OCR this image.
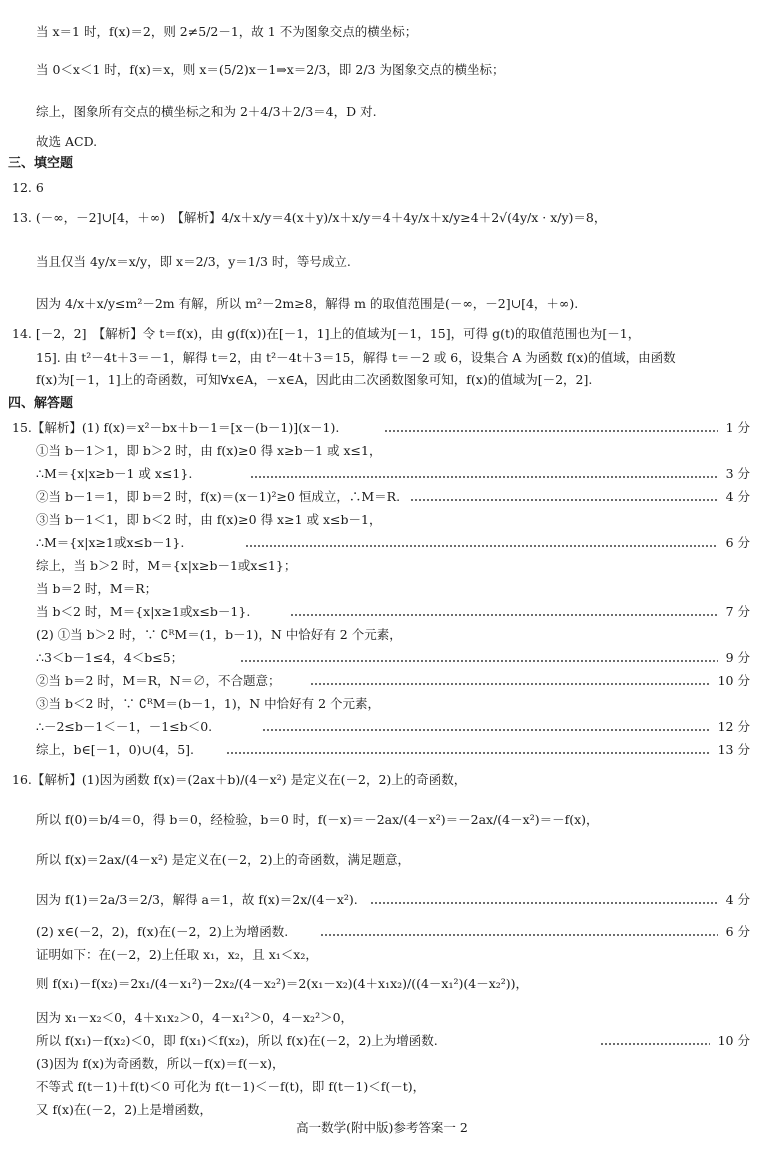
当 x＝1 时，f(x)＝2，则 2≠5/2－1，故 1 不为图象交点的横坐标；
当 0＜x＜1 时，f(x)＝x，则 x＝(5/2)x－1⇒x＝2/3，即 2/3 为图象交点的横坐标；
综上，图象所有交点的横坐标之和为 2＋4/3＋2/3＝4，D 对.
故选 ACD.
三、填空题
12. 6
13. (－∞，－2]∪[4，＋∞)　【解析】4/x＋x/y＝4(x＋y)/x＋x/y＝4＋4y/x＋x/y≥4＋2√(4y/x · x/y)＝8，
当且仅当 4y/x＝x/y，即 x＝2/3，y＝1/3 时，等号成立.
因为 4/x＋x/y≤m²－2m 有解，所以 m²－2m≥8，解得 m 的取值范围是(－∞，－2]∪[4，＋∞).
14. [－2，2]　【解析】令 t＝f(x)，由 g(f(x))在[－1，1]上的值域为[－1，15]，可得 g(t)的取值范围也为[－1，
15]. 由 t²－4t＋3＝－1，解得 t＝2，由 t²－4t＋3＝15，解得 t＝－2 或 6，设集合 A 为函数 f(x)的值域，由函数
f(x)为[－1，1]上的奇函数，可知∀x∈A，－x∈A，因此由二次函数图象可知，f(x)的值域为[－2，2].
四、解答题
15.【解析】(1) f(x)＝x²－bx＋b－1＝[x－(b－1)](x－1).	1 分
①当 b－1＞1，即 b＞2 时，由 f(x)≥0 得 x≥b－1 或 x≤1，
∴M＝{x|x≥b－1 或 x≤1}.	3 分
②当 b－1＝1，即 b＝2 时，f(x)＝(x－1)²≥0 恒成立，∴M＝R.	4 分
③当 b－1＜1，即 b＜2 时，由 f(x)≥0 得 x≥1 或 x≤b－1，
∴M＝{x|x≥1或x≤b－1}.	6 分
综上，当 b＞2 时，M＝{x|x≥b－1或x≤1}；
当 b＝2 时，M＝R；
当 b＜2 时，M＝{x|x≥1或x≤b－1}.	7 分
(2) ①当 b＞2 时，∵ ∁ᴿM＝(1，b－1)，N 中恰好有 2 个元素，
∴3＜b－1≤4，4＜b≤5；	9 分
②当 b＝2 时，M＝R，N＝∅，不合题意；	10 分
③当 b＜2 时，∵ ∁ᴿM＝(b－1，1)，N 中恰好有 2 个元素，
∴－2≤b－1＜－1，－1≤b＜0.	12 分
综上，b∈[－1，0)∪(4，5].	13 分
16.【解析】(1)因为函数 f(x)＝(2ax＋b)/(4－x²) 是定义在(－2，2)上的奇函数，
所以 f(0)＝b/4＝0，得 b＝0，经检验，b＝0 时，f(－x)＝－2ax/(4－x²)＝－2ax/(4－x²)＝－f(x)，
所以 f(x)＝2ax/(4－x²) 是定义在(－2，2)上的奇函数，满足题意，
因为 f(1)＝2a/3＝2/3，解得 a＝1，故 f(x)＝2x/(4－x²).	4 分
(2) x∈(－2，2)，f(x)在(－2，2)上为增函数.	6 分
证明如下：在(－2，2)上任取 x₁，x₂，且 x₁＜x₂，
则 f(x₁)－f(x₂)＝2x₁/(4－x₁²)－2x₂/(4－x₂²)＝2(x₁－x₂)(4＋x₁x₂)/((4－x₁²)(4－x₂²))，
因为 x₁－x₂＜0，4＋x₁x₂＞0，4－x₁²＞0，4－x₂²＞0，
所以 f(x₁)－f(x₂)＜0，即 f(x₁)＜f(x₂)，所以 f(x)在(－2，2)上为增函数.	10 分
(3)因为 f(x)为奇函数，所以－f(x)＝f(－x)，
不等式 f(t－1)＋f(t)＜0 可化为 f(t－1)＜－f(t)，即 f(t－1)＜f(－t)，
又 f(x)在(－2，2)上是增函数，
高一数学(附中版)参考答案一 2
